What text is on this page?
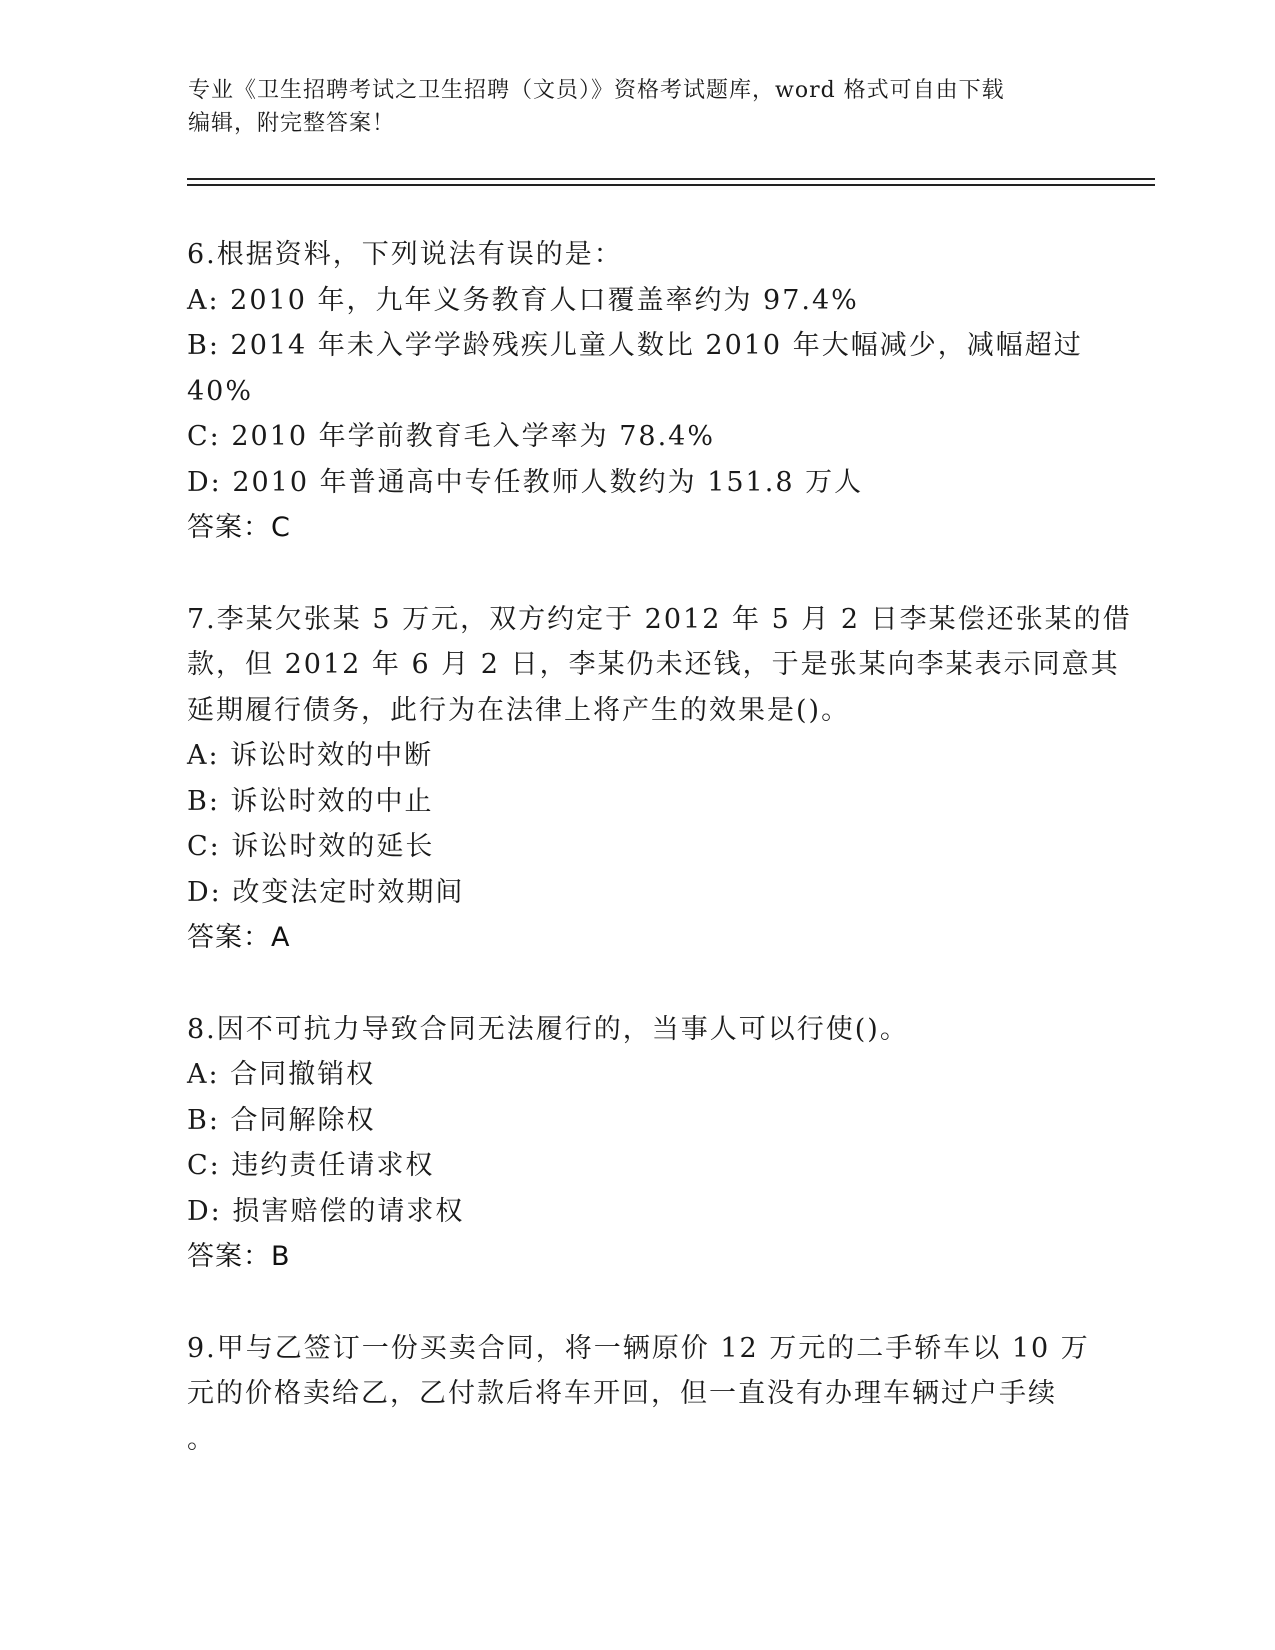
专业《卫生招聘考试之卫生招聘（文员）》资格考试题库，word 格式可自由下载
编辑，附完整答案！
6.根据资料，下列说法有误的是：
A: 2010 年，九年义务教育人口覆盖率约为 97.4%
B: 2014 年未入学学龄残疾儿童人数比 2010 年大幅减少，减幅超过
40%
C: 2010 年学前教育毛入学率为 78.4%
D: 2010 年普通高中专任教师人数约为 151.8 万人
答案：C
7.李某欠张某 5 万元，双方约定于 2012 年 5 月 2 日李某偿还张某的借
款，但 2012 年 6 月 2 日，李某仍未还钱，于是张某向李某表示同意其
延期履行债务，此行为在法律上将产生的效果是()。
A: 诉讼时效的中断
B: 诉讼时效的中止
C: 诉讼时效的延长
D: 改变法定时效期间
答案：A
8.因不可抗力导致合同无法履行的，当事人可以行使()。
A: 合同撤销权
B: 合同解除权
C: 违约责任请求权
D: 损害赔偿的请求权
答案：B
9.甲与乙签订一份买卖合同，将一辆原价 12 万元的二手轿车以 10 万
元的价格卖给乙，乙付款后将车开回，但一直没有办理车辆过户手续
。
